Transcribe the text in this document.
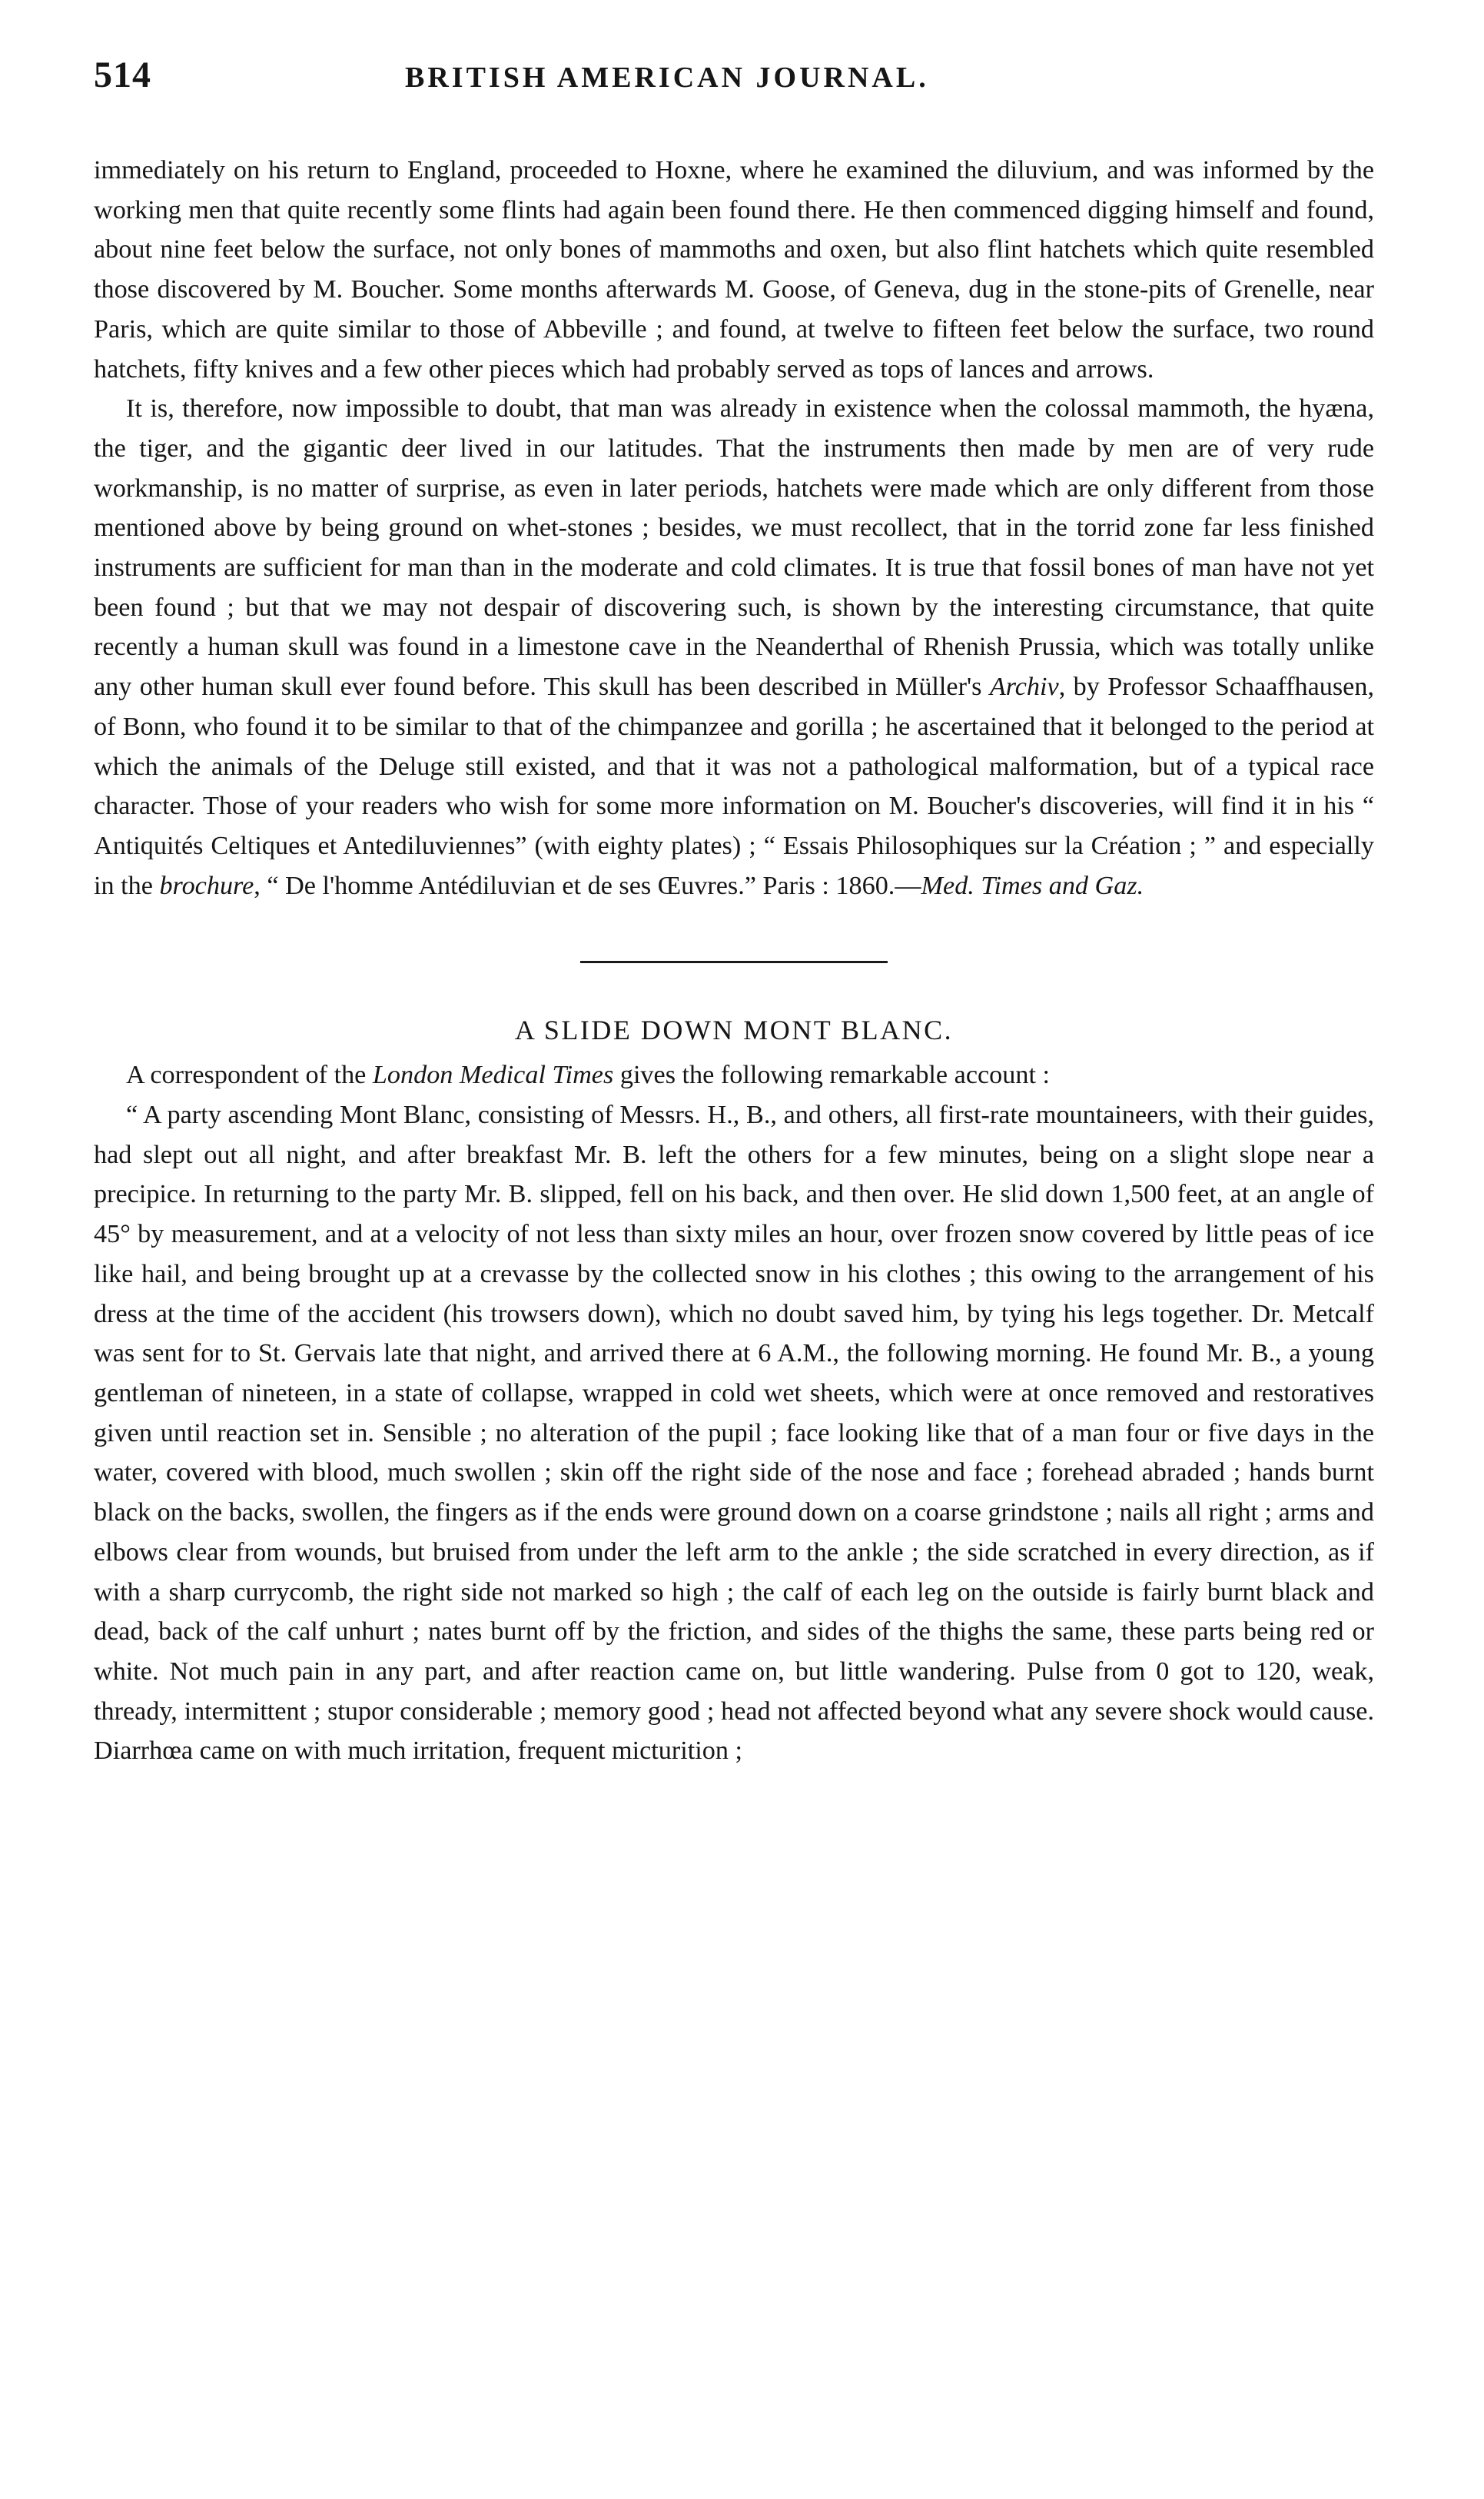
514	BRITISH AMERICAN JOURNAL.

immediately on his return to England, proceeded to Hoxne, where he examined the diluvium, and was informed by the working men that quite recently some flints had again been found there. He then commenced digging himself and found, about nine feet below the surface, not only bones of mammoths and oxen, but also flint hatchets which quite resembled those discovered by M. Boucher. Some months afterwards M. Goose, of Geneva, dug in the stone-pits of Grenelle, near Paris, which are quite similar to those of Abbeville ; and found, at twelve to fifteen feet below the surface, two round hatchets, fifty knives and a few other pieces which had probably served as tops of lances and arrows.

It is, therefore, now impossible to doubt, that man was already in existence when the colossal mammoth, the hyæna, the tiger, and the gigantic deer lived in our latitudes. That the instruments then made by men are of very rude workmanship, is no matter of surprise, as even in later periods, hatchets were made which are only different from those mentioned above by being ground on whet-stones ; besides, we must recollect, that in the torrid zone far less finished instruments are sufficient for man than in the moderate and cold climates. It is true that fossil bones of man have not yet been found ; but that we may not despair of discovering such, is shown by the interesting circumstance, that quite recently a human skull was found in a limestone cave in the Neanderthal of Rhenish Prussia, which was totally unlike any other human skull ever found before. This skull has been described in Müller's Archiv, by Professor Schaaffhausen, of Bonn, who found it to be similar to that of the chimpanzee and gorilla ; he ascertained that it belonged to the period at which the animals of the Deluge still existed, and that it was not a pathological malformation, but of a typical race character. Those of your readers who wish for some more information on M. Boucher's discoveries, will find it in his “ Antiquités Celtiques et Antediluviennes” (with eighty plates) ; “ Essais Philosophiques sur la Création ; ” and especially in the brochure, “ De l'homme Antédiluvian et de ses Œuvres.” Paris : 1860.—Med. Times and Gaz.

A SLIDE DOWN MONT BLANC.

A correspondent of the London Medical Times gives the following remarkable account :

“ A party ascending Mont Blanc, consisting of Messrs. H., B., and others, all first-rate mountaineers, with their guides, had slept out all night, and after breakfast Mr. B. left the others for a few minutes, being on a slight slope near a precipice. In returning to the party Mr. B. slipped, fell on his back, and then over. He slid down 1,500 feet, at an angle of 45° by measurement, and at a velocity of not less than sixty miles an hour, over frozen snow covered by little peas of ice like hail, and being brought up at a crevasse by the collected snow in his clothes ; this owing to the arrangement of his dress at the time of the accident (his trowsers down), which no doubt saved him, by tying his legs together. Dr. Metcalf was sent for to St. Gervais late that night, and arrived there at 6 A.M., the following morning. He found Mr. B., a young gentleman of nineteen, in a state of collapse, wrapped in cold wet sheets, which were at once removed and restoratives given until reaction set in. Sensible ; no alteration of the pupil ; face looking like that of a man four or five days in the water, covered with blood, much swollen ; skin off the right side of the nose and face ; forehead abraded ; hands burnt black on the backs, swollen, the fingers as if the ends were ground down on a coarse grindstone ; nails all right ; arms and elbows clear from wounds, but bruised from under the left arm to the ankle ; the side scratched in every direction, as if with a sharp currycomb, the right side not marked so high ; the calf of each leg on the outside is fairly burnt black and dead, back of the calf unhurt ; nates burnt off by the friction, and sides of the thighs the same, these parts being red or white. Not much pain in any part, and after reaction came on, but little wandering. Pulse from 0 got to 120, weak, thready, intermittent ; stupor considerable ; memory good ; head not affected beyond what any severe shock would cause. Diarrhœa came on with much irritation, frequent micturition ;
